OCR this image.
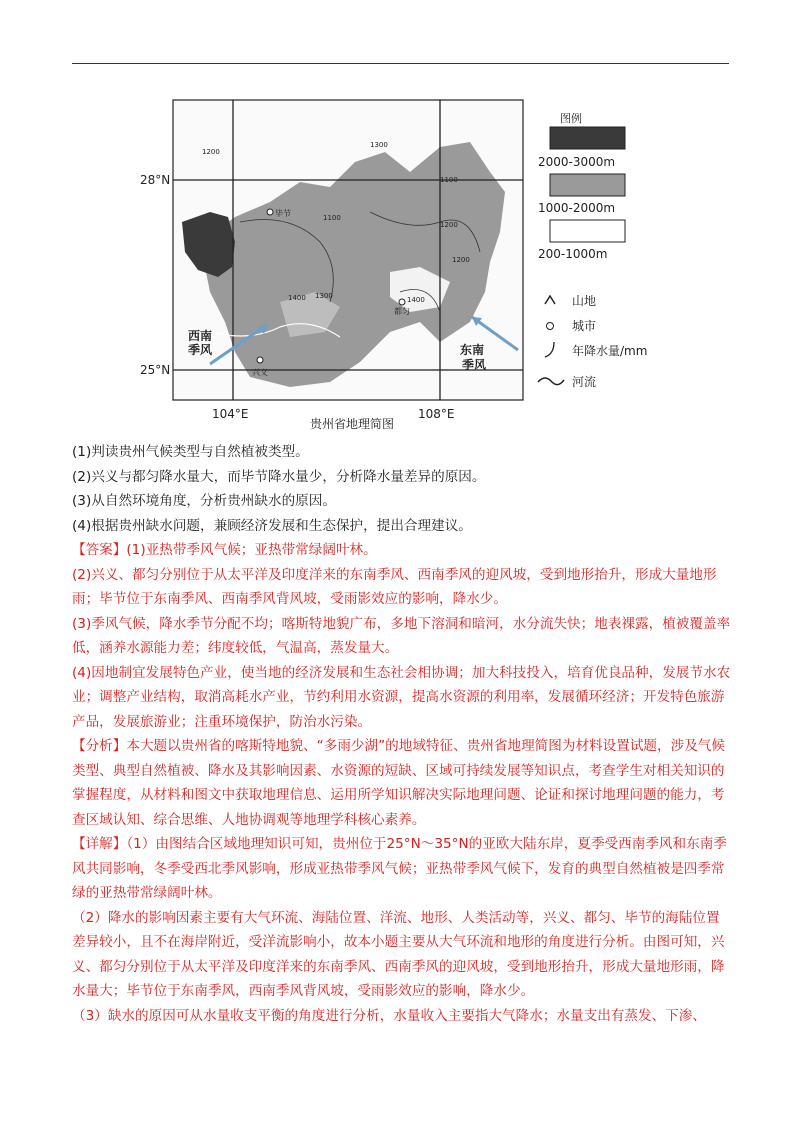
28°N
25°N
104°E	108°E
贵州省地理简图
西南
季风	东南
季风
毕节
都匀
兴义
1100
1300
1400	1400
1200
1200
1100
1300
1200
图例
2000-3000m
1000-2000m
200-1000m
山地
城市
年降水量/mm
河流

(1)判读贵州气候类型与自然植被类型。

(2)兴义与都匀降水量大，而毕节降水量少，分析降水量差异的原因。

(3)从自然环境角度，分析贵州缺水的原因。

(4)根据贵州缺水问题，兼顾经济发展和生态保护，提出合理建议。

【答案】(1)亚热带季风气候；亚热带常绿阔叶林。

(2)兴义、都匀分别位于从太平洋及印度洋来的东南季风、西南季风的迎风坡，受到地形抬升，形成大量地形雨；毕节位于东南季风、西南季风背风坡，受雨影效应的影响，降水少。

(3)季风气候，降水季节分配不均；喀斯特地貌广布，多地下溶洞和暗河，水分流失快；地表裸露，植被覆盖率低，涵养水源能力差；纬度较低，气温高，蒸发量大。

(4)因地制宜发展特色产业，使当地的经济发展和生态社会相协调；加大科技投入，培育优良品种，发展节水农业；调整产业结构，取消高耗水产业，节约利用水资源，提高水资源的利用率，发展循环经济；开发特色旅游产品，发展旅游业；注重环境保护，防治水污染。

【分析】本大题以贵州省的喀斯特地貌、“多雨少湖”的地域特征、贵州省地理简图为材料设置试题，涉及气候类型、典型自然植被、降水及其影响因素、水资源的短缺、区域可持续发展等知识点，考查学生对相关知识的掌握程度，从材料和图文中获取地理信息、运用所学知识解决实际地理问题、论证和探讨地理问题的能力，考查区域认知、综合思维、人地协调观等地理学科核心素养。

【详解】（1）由图结合区域地理知识可知，贵州位于25°N～35°N的亚欧大陆东岸，夏季受西南季风和东南季风共同影响，冬季受西北季风影响，形成亚热带季风气候；亚热带季风气候下，发育的典型自然植被是四季常绿的亚热带常绿阔叶林。

（2）降水的影响因素主要有大气环流、海陆位置、洋流、地形、人类活动等，兴义、都匀、毕节的海陆位置差异较小，且不在海岸附近，受洋流影响小，故本小题主要从大气环流和地形的角度进行分析。由图可知，兴义、都匀分别位于从太平洋及印度洋来的东南季风、西南季风的迎风坡，受到地形抬升，形成大量地形雨，降水量大；毕节位于东南季风，西南季风背风坡，受雨影效应的影响，降水少。

（3）缺水的原因可从水量收支平衡的角度进行分析，水量收入主要指大气降水；水量支出有蒸发、下渗、
